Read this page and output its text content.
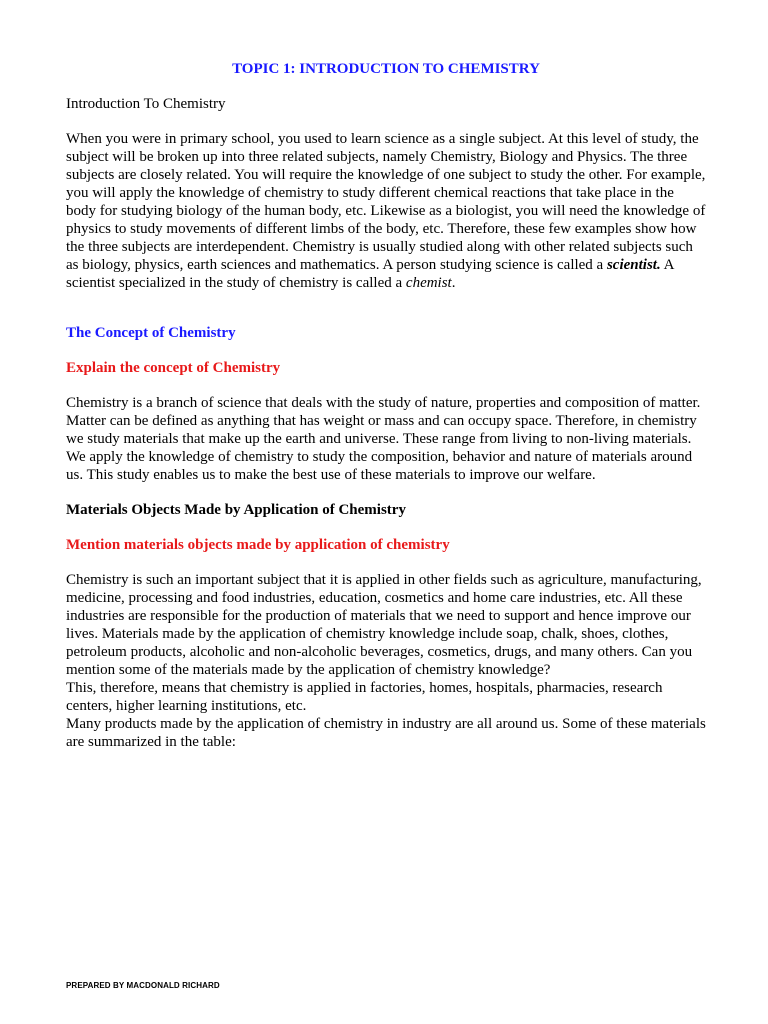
TOPIC 1: INTRODUCTION TO CHEMISTRY
Introduction To Chemistry

When you were in primary school, you used to learn science as a single subject. At this level of study, the subject will be broken up into three related subjects, namely Chemistry, Biology and Physics. The three subjects are closely related. You will require the knowledge of one subject to study the other. For example, you will apply the knowledge of chemistry to study different chemical reactions that take place in the body for studying biology of the human body, etc. Likewise as a biologist, you will need the knowledge of physics to study movements of different limbs of the body, etc. Therefore, these few examples show how the three subjects are interdependent. Chemistry is usually studied along with other related subjects such as biology, physics, earth sciences and mathematics. A person studying science is called a scientist. A scientist specialized in the study of chemistry is called a chemist.

The Concept of Chemistry
Explain the concept of Chemistry

Chemistry is a branch of science that deals with the study of nature, properties and composition of matter. Matter can be defined as anything that has weight or mass and can occupy space. Therefore, in chemistry we study materials that make up the earth and universe. These range from living to non-living materials. We apply the knowledge of chemistry to study the composition, behavior and nature of materials around us. This study enables us to make the best use of these materials to improve our welfare.

Materials Objects Made by Application of Chemistry
Mention materials objects made by application of chemistry

Chemistry is such an important subject that it is applied in other fields such as agriculture, manufacturing, medicine, processing and food industries, education, cosmetics and home care industries, etc. All these industries are responsible for the production of materials that we need to support and hence improve our lives. Materials made by the application of chemistry knowledge include soap, chalk, shoes, clothes, petroleum products, alcoholic and non-alcoholic beverages, cosmetics, drugs, and many others. Can you mention some of the materials made by the application of chemistry knowledge?

This, therefore, means that chemistry is applied in factories, homes, hospitals, pharmacies, research centers, higher learning institutions, etc.

Many products made by the application of chemistry in industry are all around us. Some of these materials are summarized in the table:

PREPARED BY MACDONALD RICHARD
